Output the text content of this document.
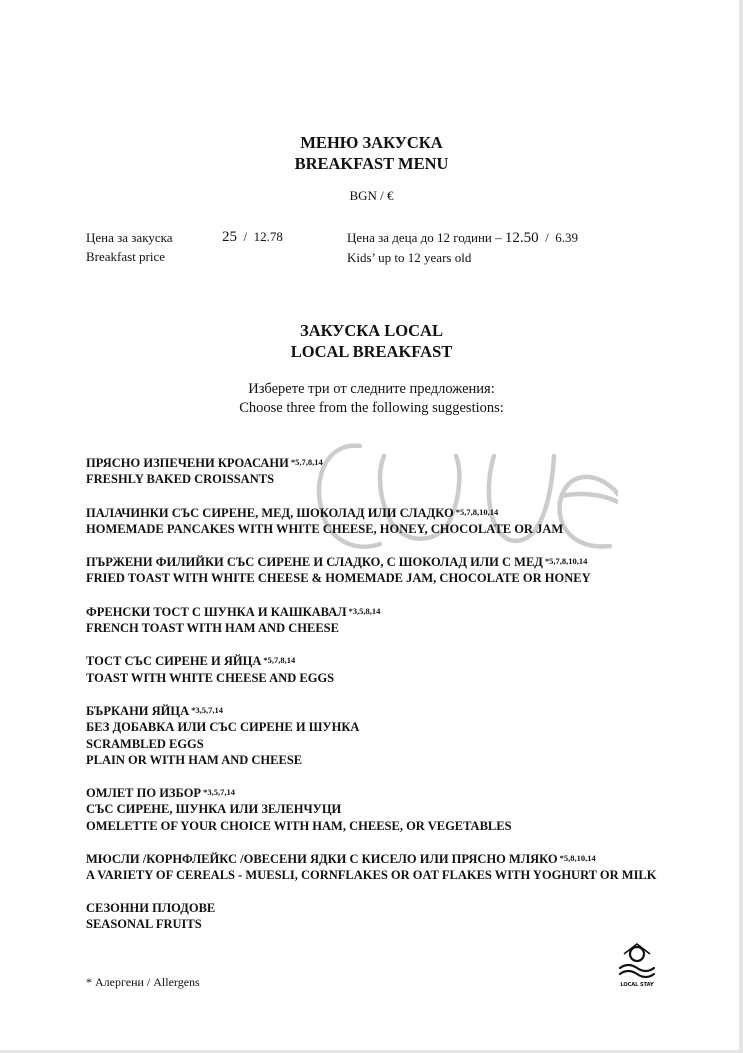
МЕНЮ ЗАКУСКА
BREAKFAST MENU
BGN / €
Цена за закуска
Breakfast price
25  /  12.78	Цена за деца до 12 години – 12.50  /  6.39
Kids’ up to 12 years old
ЗАКУСКА LOCAL
LOCAL BREAKFAST
Изберете три от следните предложения:
Choose three from the following suggestions:
ПРЯСНО ИЗПЕЧЕНИ КРОАСАНИ $^{*5,7,8,14}$
FRESHLY BAKED CROISSANTS
ПАЛАЧИНКИ СЪС СИРЕНЕ, МЕД, ШОКОЛАД ИЛИ СЛАДКО $^{*5,7,8,10,14}$
HOMEMADE PANCAKES WITH WHITE CHEESE, HONEY, CHOCOLATE OR JAM
ПЪРЖЕНИ ФИЛИЙКИ СЪС СИРЕНЕ И СЛАДКО, С ШОКОЛАД ИЛИ С МЕД $^{*5,7,8,10,14}$
FRIED TOAST WITH WHITE CHEESE & HOMEMADE JAM, CHOCOLATE OR HONEY
ФРЕНСКИ ТОСТ С ШУНКА И КАШКАВАЛ $^{*3,5,8,14}$
FRENCH TOAST WITH HAM AND CHEESE
ТОСТ СЪС СИРЕНЕ И ЯЙЦА $^{*5,7,8,14}$
TOAST WITH WHITE CHEESE AND EGGS
БЪРКАНИ ЯЙЦА $^{*3,5,7,14}$
БЕЗ ДОБАВКА ИЛИ СЪС СИРЕНЕ И ШУНКА
SCRAMBLED EGGS
PLAIN OR WITH HAM AND CHEESE
ОМЛЕТ ПО ИЗБОР $^{*3,5,7,14}$
СЪС СИРЕНЕ, ШУНКА ИЛИ ЗЕЛЕНЧУЦИ
OMELETTE OF YOUR CHOICE WITH HAM, CHEESE, OR VEGETABLES
МЮСЛИ /КОРНФЛЕЙКС /ОВЕСЕНИ ЯДКИ С КИСЕЛО ИЛИ ПРЯСНО МЛЯКО $^{*5,8,10,14}$
A VARIETY OF CEREALS - MUESLI, CORNFLAKES OR OAT FLAKES WITH YOGHURT OR MILK
СЕЗОННИ ПЛОДОВЕ
SEASONAL FRUITS
* Алергени / Allergens	LOCAL STAY
